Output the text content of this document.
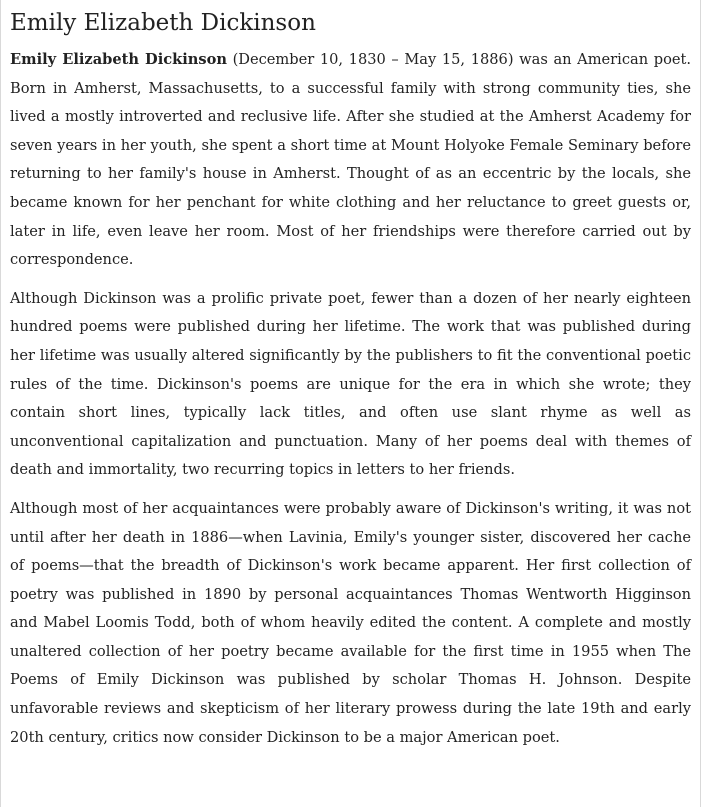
Emily Elizabeth Dickinson

Emily Elizabeth Dickinson (December 10, 1830 – May 15, 1886) was an American poet. Born in Amherst, Massachusetts, to a successful family with strong community ties, she lived a mostly introverted and reclusive life. After she studied at the Amherst Academy for seven years in her youth, she spent a short time at Mount Holyoke Female Seminary before returning to her family's house in Amherst. Thought of as an eccentric by the locals, she became known for her penchant for white clothing and her reluctance to greet guests or, later in life, even leave her room. Most of her friendships were therefore carried out by correspondence.

Although Dickinson was a prolific private poet, fewer than a dozen of her nearly eighteen hundred poems were published during her lifetime. The work that was published during her lifetime was usually altered significantly by the publishers to fit the conventional poetic rules of the time. Dickinson's poems are unique for the era in which she wrote; they contain short lines, typically lack titles, and often use slant rhyme as well as unconventional capitalization and punctuation. Many of her poems deal with themes of death and immortality, two recurring topics in letters to her friends.

Although most of her acquaintances were probably aware of Dickinson's writing, it was not until after her death in 1886—when Lavinia, Emily's younger sister, discovered her cache of poems—that the breadth of Dickinson's work became apparent. Her first collection of poetry was published in 1890 by personal acquaintances Thomas Wentworth Higginson and Mabel Loomis Todd, both of whom heavily edited the content. A complete and mostly unaltered collection of her poetry became available for the first time in 1955 when The Poems of Emily Dickinson was published by scholar Thomas H. Johnson. Despite unfavorable reviews and skepticism of her literary prowess during the late 19th and early 20th century, critics now consider Dickinson to be a major American poet.
